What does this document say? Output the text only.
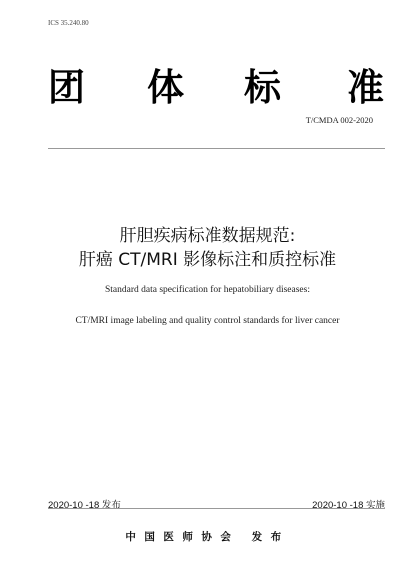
ICS 35.240.80
团 体 标 准
T/CMDA 002-2020
肝胆疾病标准数据规范:
肝癌 CT/MRI 影像标注和质控标准
Standard data specification for hepatobiliary diseases:
CT/MRI image labeling and quality control standards for liver cancer
2020-10 -18 发布	2020-10 -18 实施
中国医师协会 发布
